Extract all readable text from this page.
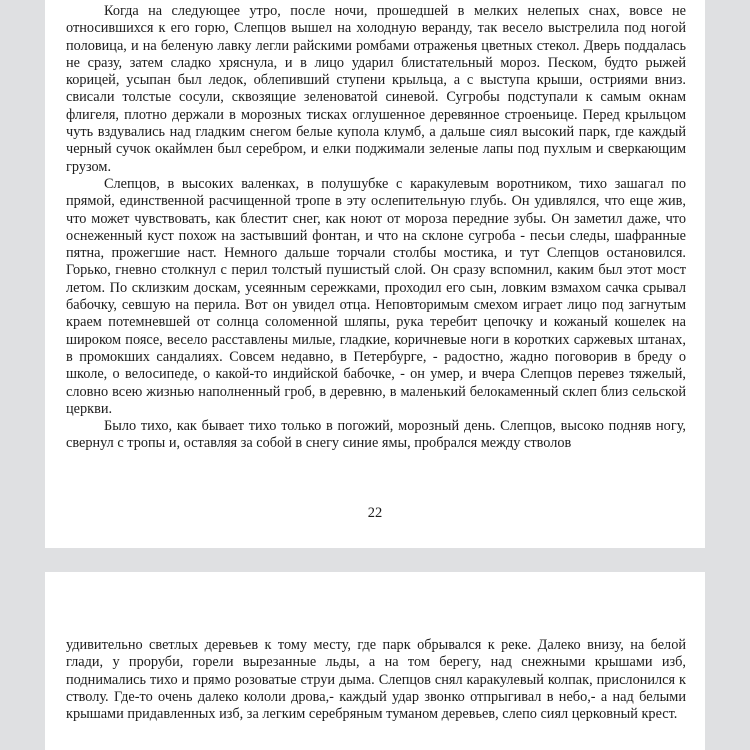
Когда на следующее утро, после ночи, прошедшей в мелких нелепых снах, вовсе не относившихся к его горю, Слепцов вышел на холодную веранду, так весело выстрелила под ногой половица, и на беленую лавку легли райскими ромбами отраженья цветных стекол. Дверь поддалась не сразу, затем сладко хряснула, и в лицо ударил блистательный мороз. Песком, будто рыжей корицей, усыпан был ледок, облепивший ступени крыльца, а с выступа крыши, остриями вниз. свисали толстые сосули, сквозящие зеленоватой синевой. Сугробы подступали к самым окнам флигеля, плотно держали в морозных тисках оглушенное деревянное строеньице. Перед крыльцом чуть вздувались над гладким снегом белые купола клумб, а дальше сиял высокий парк, где каждый черный сучок окаймлен был серебром, и елки поджимали зеленые лапы под пухлым и сверкающим грузом.

Слепцов, в высоких валенках, в полушубке с каракулевым воротником, тихо зашагал по прямой, единственной расчищенной тропе в эту ослепительную глубь. Он удивлялся, что еще жив, что может чувствовать, как блестит снег, как ноют от мороза передние зубы. Он заметил даже, что оснеженный куст похож на застывший фонтан, и что на склоне сугроба - песьи следы, шафранные пятна, прожегшие наст. Немного дальше торчали столбы мостика, и тут Слепцов остановился. Горько, гневно столкнул с перил толстый пушистый слой. Он сразу вспомнил, каким был этот мост летом. По склизким доскам, усеянным сережками, проходил его сын, ловким взмахом сачка срывал бабочку, севшую на перила. Вот он увидел отца. Неповторимым смехом играет лицо под загнутым краем потемневшей от солнца соломенной шляпы, рука теребит цепочку и кожаный кошелек на широком поясе, весело расставлены милые, гладкие, коричневые ноги в коротких саржевых штанах, в промокших сандалиях. Совсем недавно, в Петербурге, - радостно, жадно поговорив в бреду о школе, о велосипеде, о какой-то индийской бабочке, - он умер, и вчера Слепцов перевез тяжелый, словно всею жизнью наполненный гроб, в деревню, в маленький белокаменный склеп близ сельской церкви.

Было тихо, как бывает тихо только в погожий, морозный день. Слепцов, высоко подняв ногу, свернул с тропы и, оставляя за собой в снегу синие ямы, пробрался между стволов

22

удивительно светлых деревьев к тому месту, где парк обрывался к реке. Далеко внизу, на белой глади, у проруби, горели вырезанные льды, а на том берегу, над снежными крышами изб, поднимались тихо и прямо розоватые струи дыма. Слепцов снял каракулевый колпак, прислонился к стволу. Где-то очень далеко кололи дрова,- каждый удар звонко отпрыгивал в небо,- а над белыми крышами придавленных изб, за легким серебряным туманом деревьев, слепо сиял церковный крест.
